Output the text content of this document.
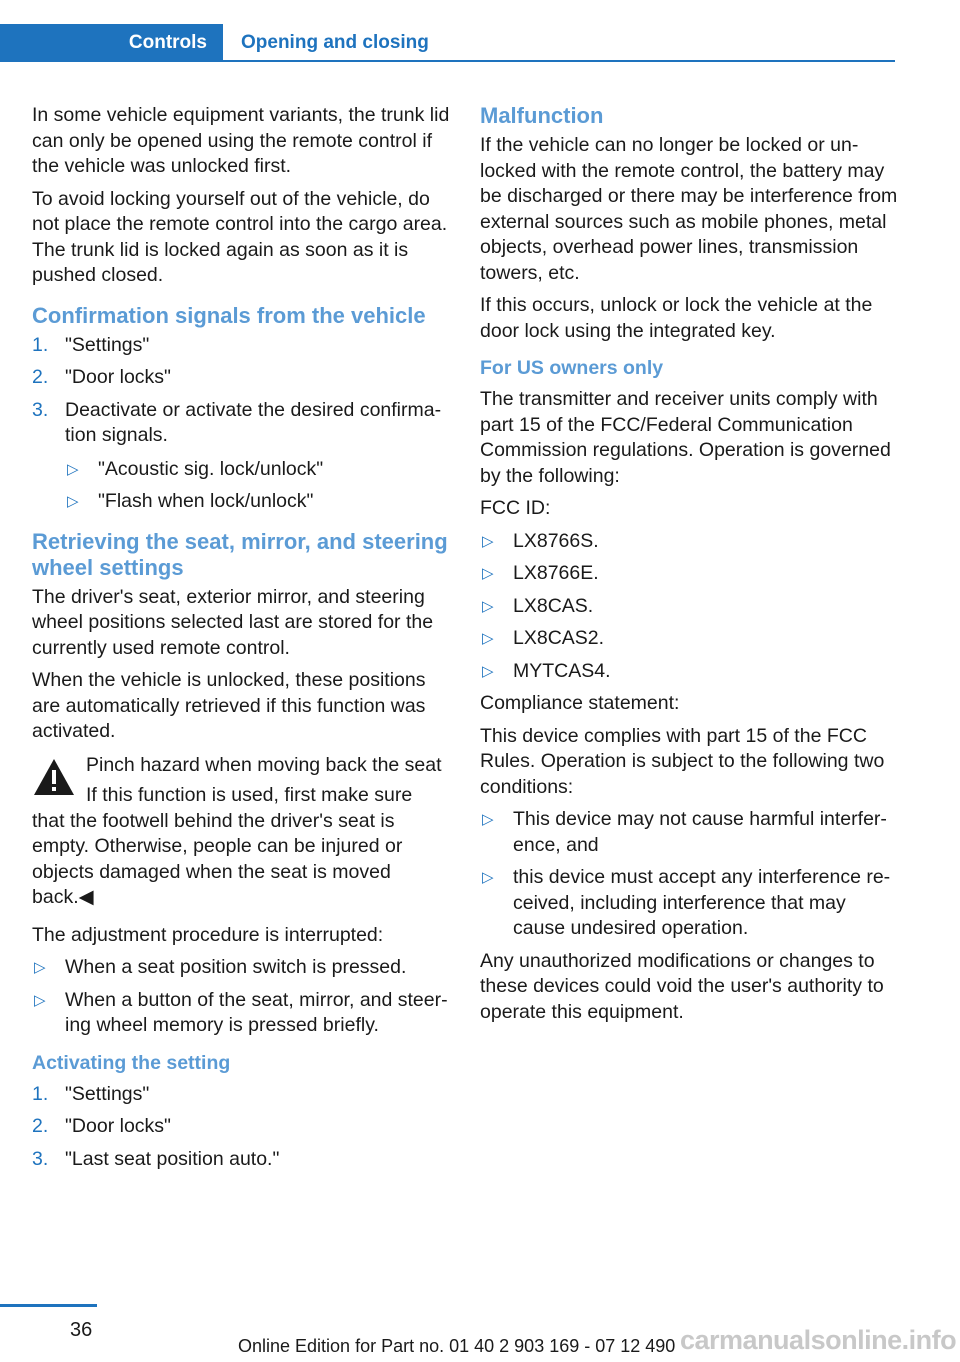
Controls	Opening and closing

In some vehicle equipment variants, the trunk lid can only be opened using the remote control if the vehicle was unlocked first.

To avoid locking yourself out of the vehicle, do not place the remote control into the cargo area. The trunk lid is locked again as soon as it is pushed closed.

Confirmation signals from the vehicle
1. "Settings"
2. "Door locks"
3. Deactivate or activate the desired confirma‐tion signals.
▷ "Acoustic sig. lock/unlock"
▷ "Flash when lock/unlock"
Retrieving the seat, mirror, and steering wheel settings

The driver's seat, exterior mirror, and steering wheel positions selected last are stored for the currently used remote control.

When the vehicle is unlocked, these positions are automatically retrieved if this function was activated.

Pinch hazard when moving back the seat
If this function is used, first make sure that the footwell behind the driver's seat is empty. Otherwise, people can be injured or objects damaged when the seat is moved back.◀

The adjustment procedure is interrupted:

▷ When a seat position switch is pressed.
▷ When a button of the seat, mirror, and steer‐ing wheel memory is pressed briefly.
Activating the setting
1. "Settings"
2. "Door locks"
3. "Last seat position auto."
Malfunction

If the vehicle can no longer be locked or un‐locked with the remote control, the battery may be discharged or there may be interference from external sources such as mobile phones, metal objects, overhead power lines, transmission towers, etc.

If this occurs, unlock or lock the vehicle at the door lock using the integrated key.

For US owners only

The transmitter and receiver units comply with part 15 of the FCC/Federal Communication Commission regulations. Operation is governed by the following:

FCC ID:

▷ LX8766S.
▷ LX8766E.
▷ LX8CAS.
▷ LX8CAS2.
▷ MYTCAS4.

Compliance statement:

This device complies with part 15 of the FCC Rules. Operation is subject to the following two conditions:

▷ This device may not cause harmful interfer‐ence, and
▷ this device must accept any interference re‐ceived, including interference that may cause undesired operation.

Any unauthorized modifications or changes to these devices could void the user's authority to operate this equipment.

36
Online Edition for Part no. 01 40 2 903 169 - 07 12 490 carmanualsonline.info
